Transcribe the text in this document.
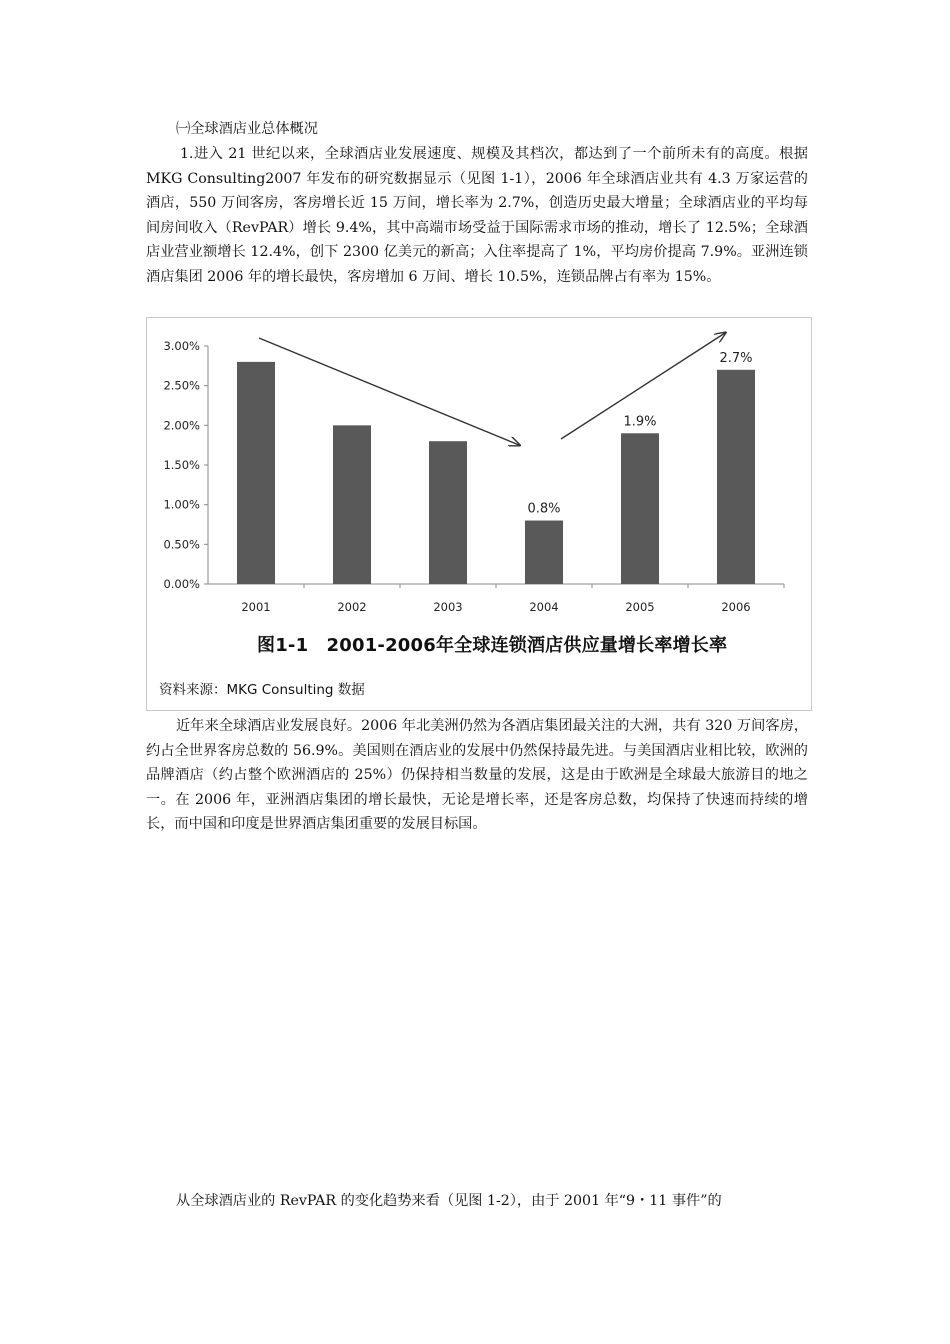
㈠全球酒店业总体概况
1.进入 21 世纪以来，全球酒店业发展速度、规模及其档次，都达到了一个前所未有的高度。根据 MKG Consulting2007 年发布的研究数据显示（见图 1-1），2006 年全球酒店业共有 4.3 万家运营的酒店，550 万间客房，客房增长近 15 万间，增长率为 2.7%，创造历史最大增量；全球酒店业的平均每间房间收入（RevPAR）增长 9.4%，其中高端市场受益于国际需求市场的推动，增长了 12.5%；全球酒店业营业额增长 12.4%，创下 2300 亿美元的新高；入住率提高了 1%，平均房价提高 7.9%。亚洲连锁酒店集团 2006 年的增长最快，客房增加 6 万间、增长 10.5%，连锁品牌占有率为 15%。
0.00%
0.50%
1.00%
1.50%
2.00%
2.50%
3.00%
2001	2002	2003	2004
0.8%
2005
1.9%
2006
2.7%
图1-1　2001-2006年全球连锁酒店供应量增长率增长率
资料来源：MKG Consulting 数据
近年来全球酒店业发展良好。2006 年北美洲仍然为各酒店集团最关注的大洲，共有 320 万间客房，约占全世界客房总数的 56.9%。美国则在酒店业的发展中仍然保持最先进。与美国酒店业相比较，欧洲的品牌酒店（约占整个欧洲酒店的 25%）仍保持相当数量的发展，这是由于欧洲是全球最大旅游目的地之一。在 2006 年，亚洲酒店集团的增长最快，无论是增长率，还是客房总数，均保持了快速而持续的增长，而中国和印度是世界酒店集团重要的发展目标国。
从全球酒店业的 RevPAR 的变化趋势来看（见图 1-2），由于 2001 年“9・11 事件”的
